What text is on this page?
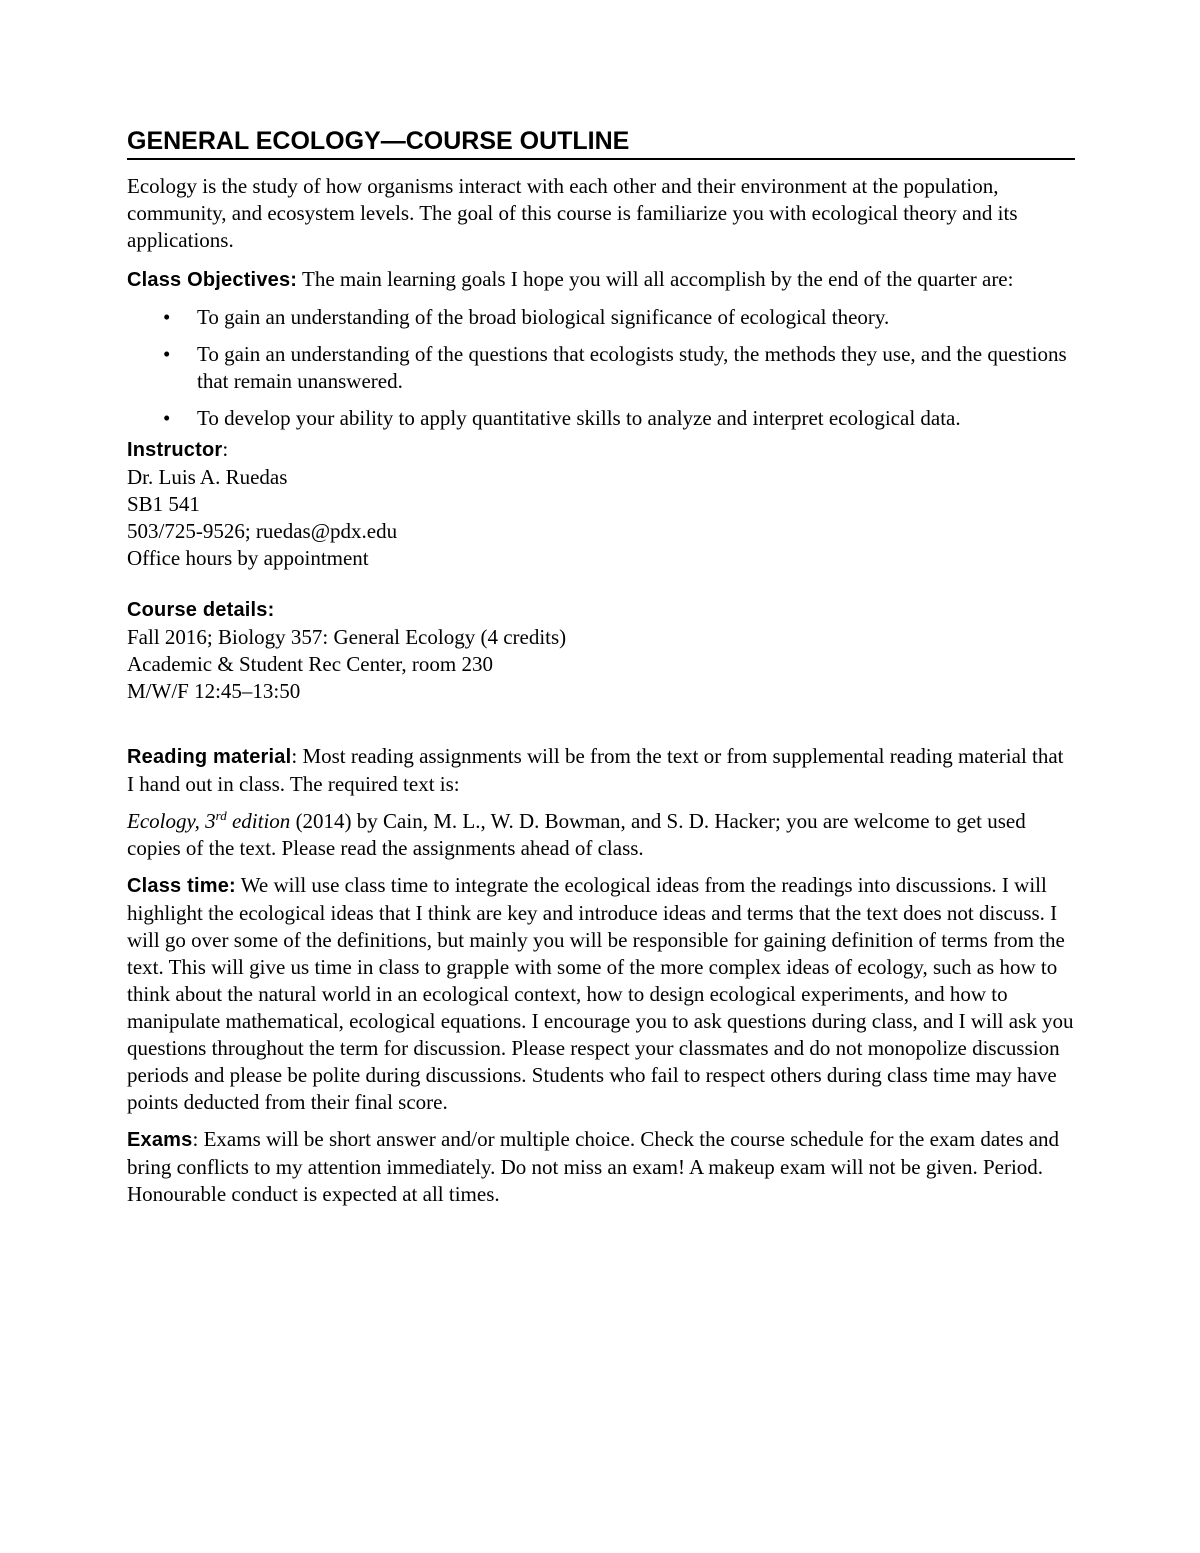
GENERAL ECOLOGY—COURSE OUTLINE

Ecology is the study of how organisms interact with each other and their environment at the population, community, and ecosystem levels. The goal of this course is familiarize you with ecological theory and its applications.

Class Objectives: The main learning goals I hope you will all accomplish by the end of the quarter are:

• To gain an understanding of the broad biological significance of ecological theory.
• To gain an understanding of the questions that ecologists study, the methods they use, and the questions that remain unanswered.
• To develop your ability to apply quantitative skills to analyze and interpret ecological data.

Instructor:

Dr. Luis A. Ruedas

SB1 541

503/725-9526; ruedas@pdx.edu

Office hours by appointment

Course details:

Fall 2016; Biology 357: General Ecology (4 credits)

Academic & Student Rec Center, room 230

M/W/F 12:45–13:50

Reading material: Most reading assignments will be from the text or from supplemental reading material that I hand out in class. The required text is:

Ecology, 3rd edition (2014) by Cain, M. L., W. D. Bowman, and S. D. Hacker; you are welcome to get used copies of the text. Please read the assignments ahead of class.

Class time: We will use class time to integrate the ecological ideas from the readings into discussions. I will highlight the ecological ideas that I think are key and introduce ideas and terms that the text does not discuss. I will go over some of the definitions, but mainly you will be responsible for gaining definition of terms from the text. This will give us time in class to grapple with some of the more complex ideas of ecology, such as how to think about the natural world in an ecological context, how to design ecological experiments, and how to manipulate mathematical, ecological equations. I encourage you to ask questions during class, and I will ask you questions throughout the term for discussion. Please respect your classmates and do not monopolize discussion periods and please be polite during discussions. Students who fail to respect others during class time may have points deducted from their final score.

Exams: Exams will be short answer and/or multiple choice. Check the course schedule for the exam dates and bring conflicts to my attention immediately. Do not miss an exam! A makeup exam will not be given. Period. Honourable conduct is expected at all times.
